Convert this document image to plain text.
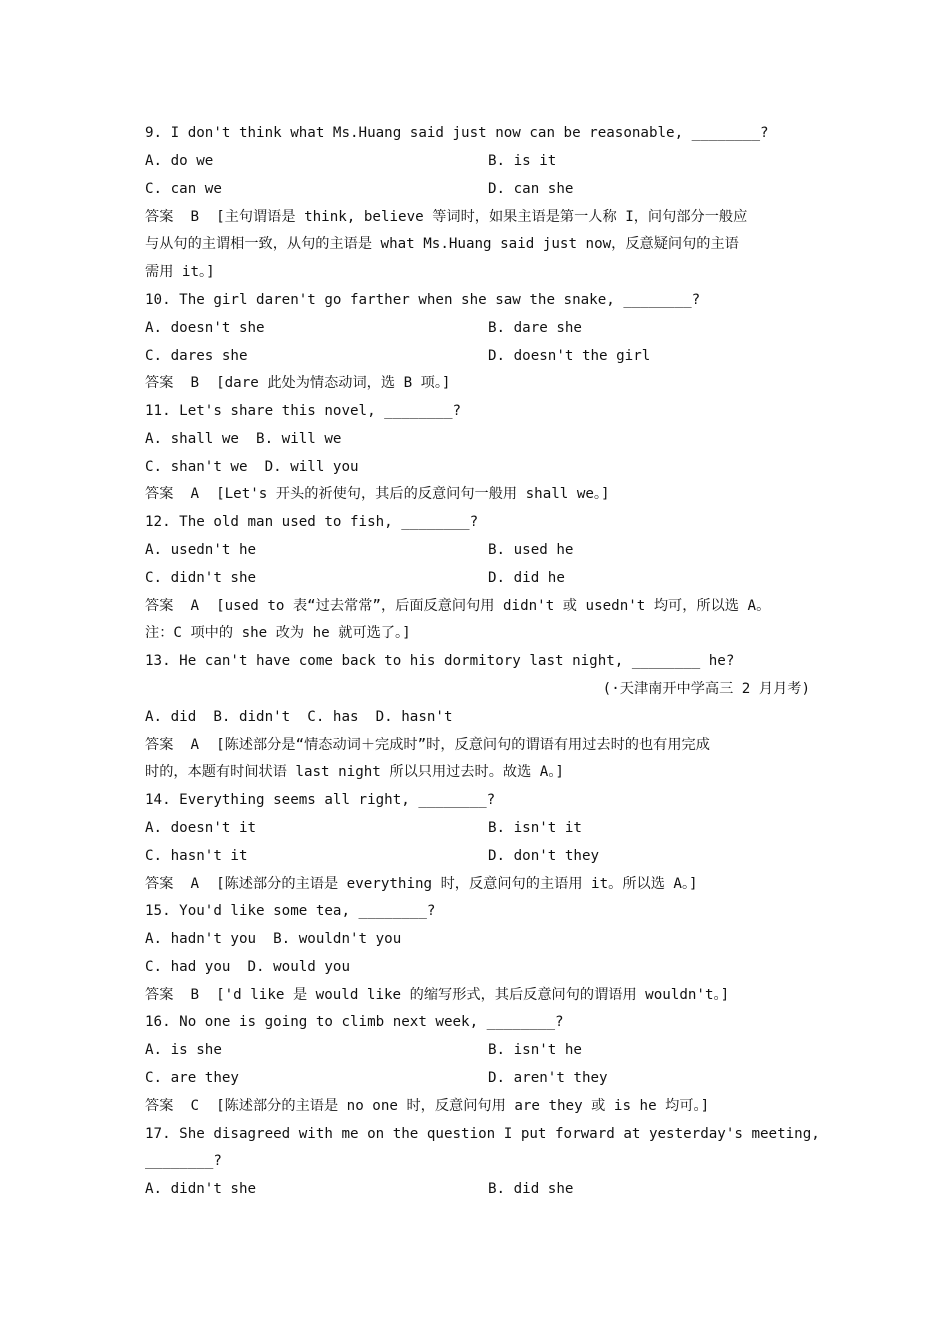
9. I don't think what Ms.Huang said just now can be reasonable, ________?
A. do we	B. is it
C. can we	D. can she
答案  B  [主句谓语是 think, believe 等词时，如果主语是第一人称 I，问句部分一般应
与从句的主谓相一致，从句的主语是 what Ms.Huang said just now，反意疑问句的主语
需用 it。]
10. The girl daren't go farther when she saw the snake, ________?
A. doesn't she	B. dare she
C. dares she	D. doesn't the girl
答案  B  [dare 此处为情态动词，选 B 项。]
11. Let's share this novel, ________?
A. shall we  B. will we
C. shan't we  D. will you
答案  A  [Let's 开头的祈使句，其后的反意问句一般用 shall we。]
12. The old man used to fish, ________?
A. usedn't he	B. used he
C. didn't she	D. did he
答案  A  [used to 表“过去常常”，后面反意问句用 didn't 或 usedn't 均可，所以选 A。
注：C 项中的 she 改为 he 就可选了。]
13. He can't have come back to his dormitory last night, ________ he?
(·天津南开中学高三 2 月月考)
A. did  B. didn't  C. has  D. hasn't
答案  A  [陈述部分是“情态动词＋完成时”时，反意问句的谓语有用过去时的也有用完成
时的，本题有时间状语 last night 所以只用过去时。故选 A。]
14. Everything seems all right, ________?
A. doesn't it	B. isn't it
C. hasn't it	D. don't they
答案  A  [陈述部分的主语是 everything 时，反意问句的主语用 it。所以选 A。]
15. You'd like some tea, ________?
A. hadn't you  B. wouldn't you
C. had you  D. would you
答案  B  ['d like 是 would like 的缩写形式，其后反意问句的谓语用 wouldn't。]
16. No one is going to climb next week, ________?
A. is she	B. isn't he
C. are they	D. aren't they
答案  C  [陈述部分的主语是 no one 时，反意问句用 are they 或 is he 均可。]
17. She disagreed with me on the question I put forward at yesterday's meeting,
________?
A. didn't she	B. did she
